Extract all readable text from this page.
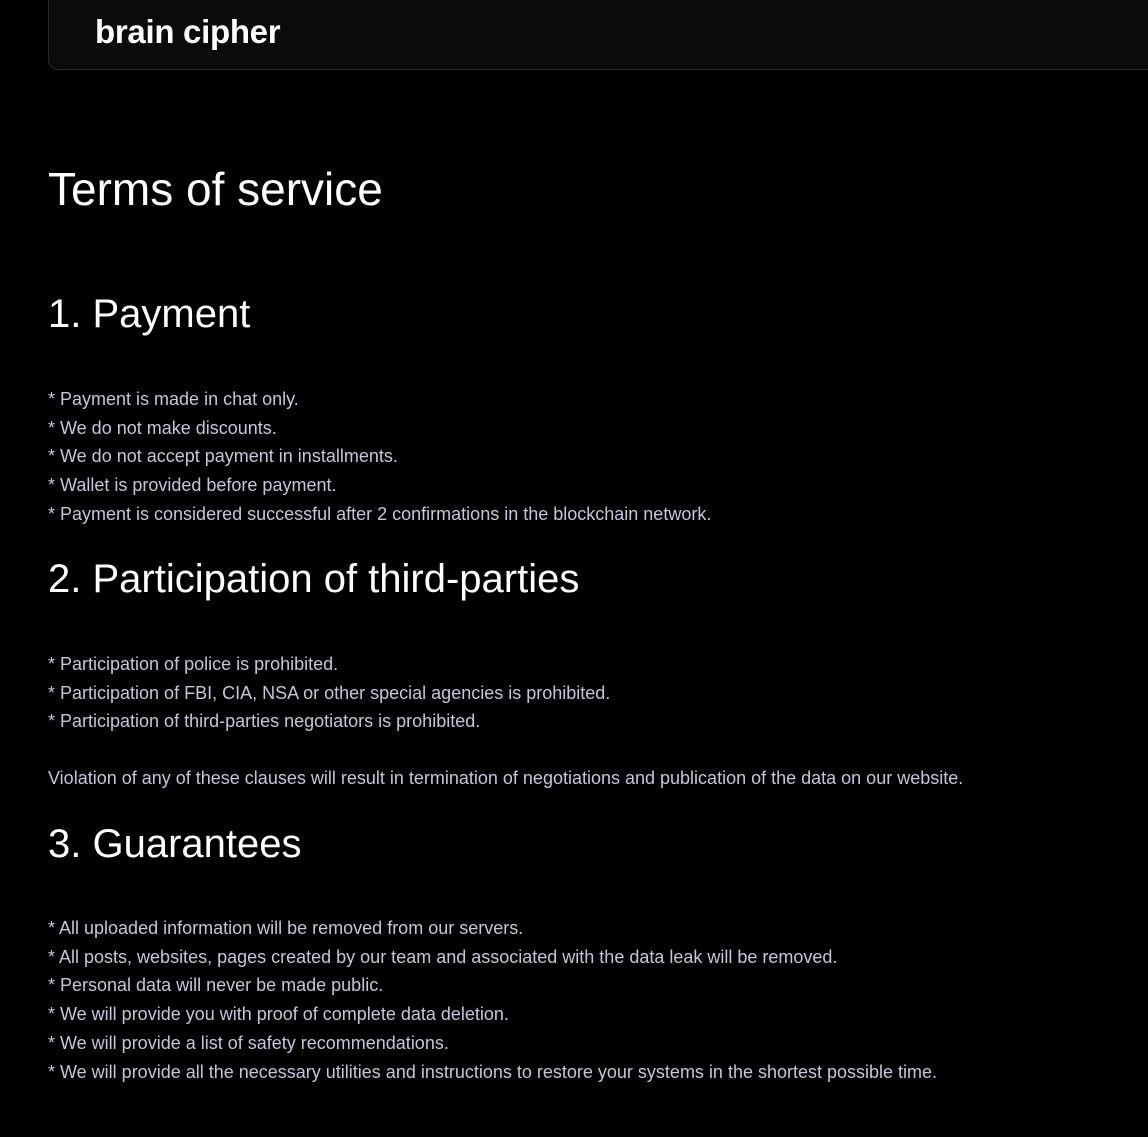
brain cipher
Terms of service
1. Payment
* Payment is made in chat only.
* We do not make discounts.
* We do not accept payment in installments.
* Wallet is provided before payment.
* Payment is considered successful after 2 confirmations in the blockchain network.
2. Participation of third-parties
* Participation of police is prohibited.
* Participation of FBI, CIA, NSA or other special agencies is prohibited.
* Participation of third-parties negotiators is prohibited.

Violation of any of these clauses will result in termination of negotiations and publication of the data on our website.

3. Guarantees
* All uploaded information will be removed from our servers.
* All posts, websites, pages created by our team and associated with the data leak will be removed.
* Personal data will never be made public.
* We will provide you with proof of complete data deletion.
* We will provide a list of safety recommendations.
* We will provide all the necessary utilities and instructions to restore your systems in the shortest possible time.
